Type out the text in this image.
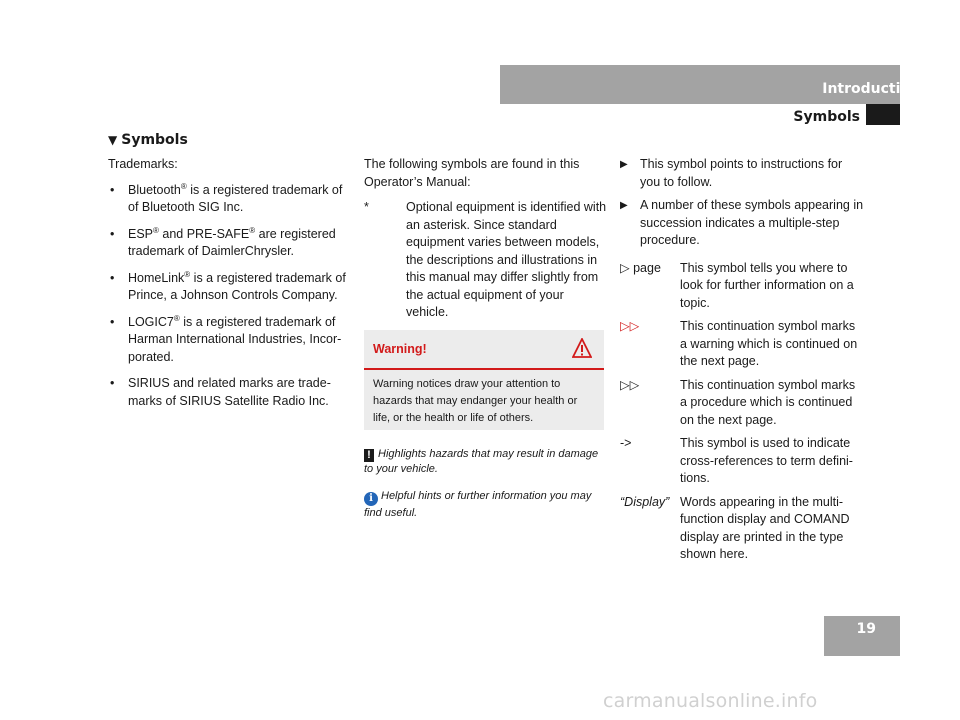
Introduction
Symbols
▼ Symbols

Trademarks:

• Bluetooth® is a registered trademark of of Bluetooth SIG Inc.
• ESP® and PRE-SAFE® are registered trademark of DaimlerChrysler.
• HomeLink® is a registered trademark of Prince, a Johnson Controls Company.
• LOGIC7® is a registered trademark of Harman International Industries, Incor-porated.
• SIRIUS and related marks are trade-marks of SIRIUS Satellite Radio Inc.

The following symbols are found in this Operator’s Manual:

*	Optional equipment is identified with an asterisk. Since standard equipment varies between models, the descriptions and illustrations in this manual may differ slightly from the actual equipment of your vehicle.
Warning!
Warning notices draw your attention to hazards that may endanger your health or life, or the health or life of others.
! Highlights hazards that may result in damage to your vehicle.
i Helpful hints or further information you may find useful.
▶ This symbol points to instructions for you to follow.
▶ A number of these symbols appearing in succession indicates a multiple-step procedure.
▷ page	This symbol tells you where to look for further information on a topic.
▷▷	This continuation symbol marks a warning which is continued on the next page.
▷▷	This continuation symbol marks a procedure which is continued on the next page.
->	This symbol is used to indicate cross-references to term defini-tions.
“Display” Words appearing in the multi-function display and COMAND display are printed in the type shown here.
19
carmanualsonline.info
